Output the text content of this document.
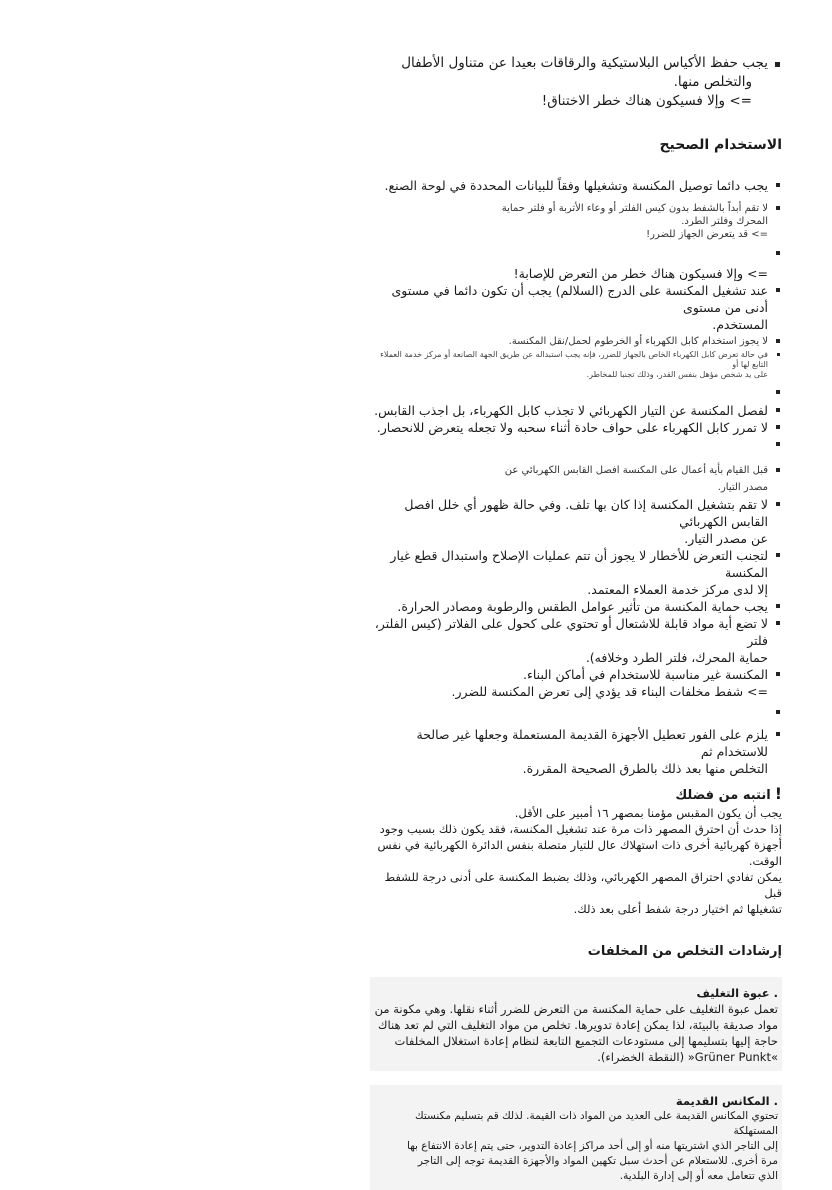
يجب حفظ الأكياس البلاستيكية والرقاقات بعيدا عن متناول الأطفال
والتخلص منها.
=> وإلا فسيكون هناك خطر الاختناق!
الاستخدام الصحيح
يجب دائما توصيل المكنسة وتشغيلها وفقاً للبيانات المحددة في لوحة الصنع.
لا تقم أبداً بالشفط بدون كيس الفلتر أو وعاء الأتربة أو فلتر حماية
المحرك وفلتر الطرد.
=> قد يتعرض الجهاز للضرر!
=> وإلا فسيكون هناك خطر من التعرض للإصابة!
عند تشغيل المكنسة على الدرج (السلالم) يجب أن تكون دائما في مستوى أدنى من مستوى
المستخدم.
لا يجوز استخدام كابل الكهرباء أو الخرطوم لحمل/نقل المكنسة.
في حالة تعرض كابل الكهرباء الخاص بالجهاز للضرر، فإنه يجب استبداله عن طريق الجهة الصانعة أو مركز خدمة العملاء التابع لها أو
على يد شخص مؤهل بنفس القدر، وذلك تجنبا للمخاطر.
لفصل المكنسة عن التيار الكهربائي لا تجذب كابل الكهرباء، بل اجذب القابس.
لا تمرر كابل الكهرباء على حواف حادة أثناء سحبه ولا تجعله يتعرض للانحصار.
قبل القيام بأية أعمال على المكنسة افصل القابس الكهربائي عن
مصدر التيار.
لا تقم بتشغيل المكنسة إذا كان بها تلف. وفي حالة ظهور أي خلل افصل القابس الكهربائي
عن مصدر التيار.
لتجنب التعرض للأخطار لا يجوز أن تتم عمليات الإصلاح واستبدال قطع غيار المكنسة
إلا لدى مركز خدمة العملاء المعتمد.
يجب حماية المكنسة من تأثير عوامل الطقس والرطوبة ومصادر الحرارة.
لا تضع أية مواد قابلة للاشتعال أو تحتوي على كحول على الفلاتر (كيس الفلتر، فلتر
حماية المحرك، فلتر الطرد وخلافه).
المكنسة غير مناسبة للاستخدام في أماكن البناء.
=> شفط مخلفات البناء قد يؤدي إلى تعرض المكنسة للضرر.
يلزم على الفور تعطيل الأجهزة القديمة المستعملة وجعلها غير صالحة للاستخدام ثم
التخلص منها بعد ذلك بالطرق الصحيحة المقررة.
!انتبه من فضلك
يجب أن يكون المقبس مؤمنا بمصهر ١٦ أمبير على الأقل.
إذا حدث أن احترق المصهر ذات مرة عند تشغيل المكنسة، فقد يكون ذلك بسبب وجود
أجهزة كهربائية أخرى ذات استهلاك عال للتيار متصلة بنفس الدائرة الكهربائية في نفس
الوقت.
يمكن تفادي احتراق المصهر الكهربائي، وذلك بضبط المكنسة على أدنى درجة للشفط قبل
تشغيلها ثم اختيار درجة شفط أعلى بعد ذلك.
إرشادات التخلص من المخلفات
. عبوة التغليف
تعمل عبوة التغليف على حماية المكنسة من التعرض للضرر أثناء نقلها. وهي مكونة من
مواد صديقة بالبيئة، لذا يمكن إعادة تدويرها. تخلص من مواد التغليف التي لم تعد هناك
حاجة إليها بتسليمها إلى مستودعات التجميع التابعة لنظام إعادة استغلال المخلفات
»Grüner Punkt« (النقطة الخضراء).
. المكانس القديمة
تحتوي المكانس القديمة على العديد من المواد ذات القيمة. لذلك قم بتسليم مكنستك المستهلكة
إلى التاجر الذي اشتريتها منه أو إلى أحد مراكز إعادة التدوير، حتى يتم إعادة الانتفاع بها
مرة أخرى. للاستعلام عن أحدث سبل تكهين المواد والأجهزة القديمة توجه إلى التاجر
الذي تتعامل معه أو إلى إدارة البلدية.
